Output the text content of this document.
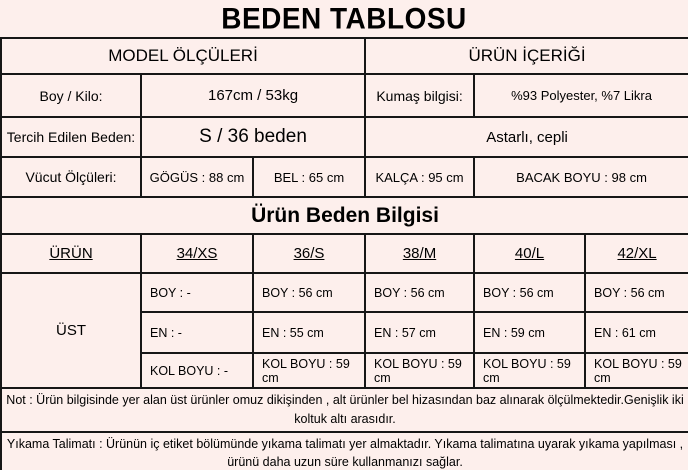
BEDEN TABLOSU
MODEL ÖLÇÜLERİ			ÜRÜN İÇERİĞİ		
Boy / Kilo:	167cm / 53kg		Kumaş bilgisi:	%93 Polyester, %7 Likra	
Tercih Edilen Beden:	S / 36 beden		Astarlı, cepli		
Vücut Ölçüleri:	GÖGÜS : 88 cm	BEL : 65 cm	KALÇA : 95 cm	BACAK BOYU : 98 cm	
Ürün Beden Bilgisi					
ÜRÜN	34/XS	36/S	38/M	40/L	42/XL
ÜST	BOY : -	BOY : 56 cm	BOY : 56 cm	BOY : 56 cm	BOY : 56 cm
	EN : -	EN : 55 cm	EN : 57 cm	EN : 59 cm	EN : 61 cm
	KOL BOYU : -	KOL BOYU : 59 cm	KOL BOYU : 59 cm	KOL BOYU : 59 cm	KOL BOYU : 59 cm
Not : Ürün bilgisinde yer alan üst ürünler omuz dikişinden , alt ürünler bel hizasından baz alınarak ölçülmektedir.Genişlik iki koltuk altı arasıdır.					
Yıkama Talimatı : Ürünün iç etiket bölümünde yıkama talimatı yer almaktadır. Yıkama talimatına uyarak yıkama yapılması , ürünü daha uzun süre kullanmanızı sağlar.					
